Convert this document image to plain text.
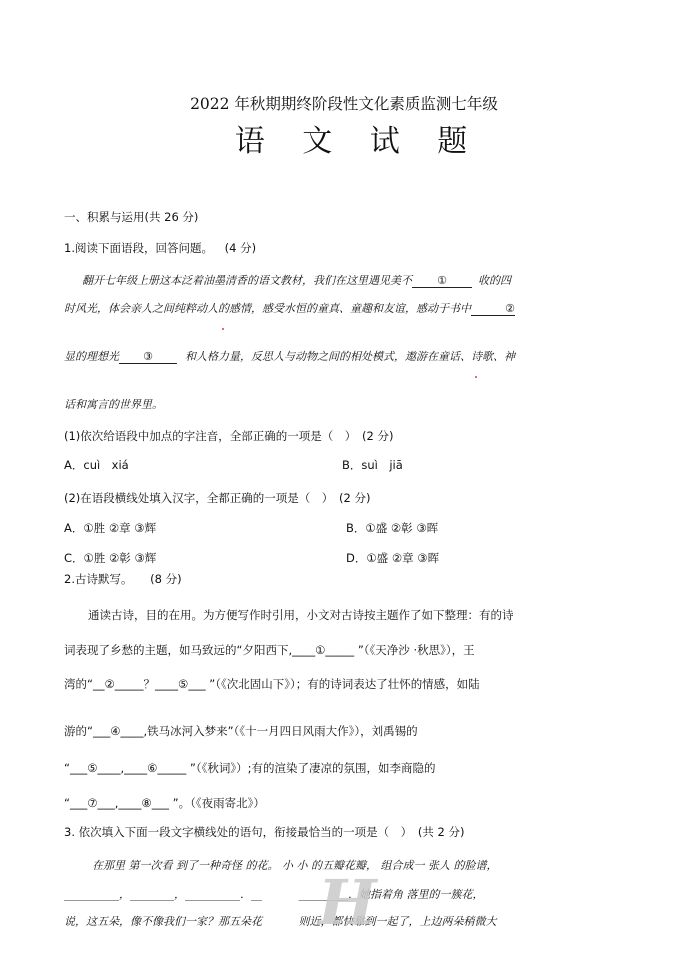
2022 年秋期期终阶段性文化素质监测七年级
语 文 试 题
一、积累与运用(共 26 分)
1.阅读下面语段，回答问题。 (4 分)
翻开七年级上册这本泛着油墨清香的语文教材，我们在这里遇见美不 ①	收的四
时风光，体会亲人之间纯粹动人的感情，感受水恒的童真、童趣和友谊，感动于书中	②
显的理想光 ③	和人格力量，反思人与动物之间的相处模式，遨游在童话、诗歌、神
话和寓言的世界里。
(1)依次给语段中加点的字注音，全部正确的一项是（　）　(2 分)
A．cuì　xiá	B．suì　jiā
(2)在语段横线处填入汉字，全都正确的一项是（　）　(2 分)
A．①胜 ②章 ③辉	B．①盛 ②彰 ③晖
C．①胜 ②彰 ③辉	D．①盛 ②章 ③晖
2.古诗默写。 (8 分)
通读古诗，目的在用。为方便写作时引用，小文对古诗按主题作了如下整理：有的诗
词表现了乡愁的主题，如马致远的“夕阳西下,____①_____ ”（《天净沙 ·秋思》），王
湾的“__②_____？____⑤___ ”（《次北固山下》）；有的诗词表达了壮怀的情感，如陆
游的“___④____,铁马冰河入梦来”（《十一月四日风雨大作》），刘禹锡的
“___⑤____,____⑥_____ ”（《秋词》）;有的渲染了凄凉的氛围，如李商隐的
“___⑦___,____⑧___ ”。（《夜雨寄北》）
3. 依次填入下面一段文字横线处的语句，衔接最恰当的一项是（　）　(共 2 分)
在那里 第一次看 到了一种奇怪 的花。 小 小 的五瓣花瓣， 组合成一 张人 的脸谱，
__________，________，__________．__　　　 _________．她指着角 落里的一簇花，
说，这五朵，像不像我们一家？那五朵花　　　 则近，都快靠到一起了，上边两朵稍微大
H
